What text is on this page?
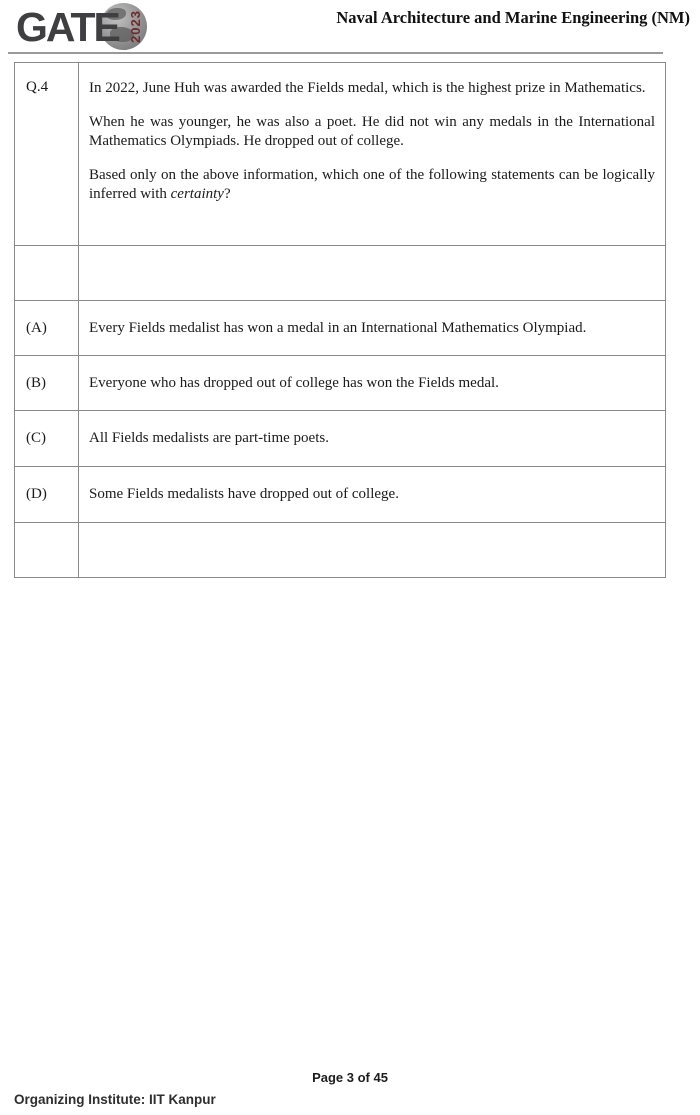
GATE 2023	Naval Architecture and Marine Engineering (NM)
Q.4	In 2022, June Huh was awarded the Fields medal, which is the highest prize in Mathematics.

When he was younger, he was also a poet. He did not win any medals in the International Mathematics Olympiads. He dropped out of college.

Based only on the above information, which one of the following statements can be logically inferred with certainty?

(A)	Every Fields medalist has won a medal in an International Mathematics Olympiad.
(B)	Everyone who has dropped out of college has won the Fields medal.
(C)	All Fields medalists are part-time poets.
(D)	Some Fields medalists have dropped out of college.

Page 3 of 45
Organizing Institute: IIT Kanpur
